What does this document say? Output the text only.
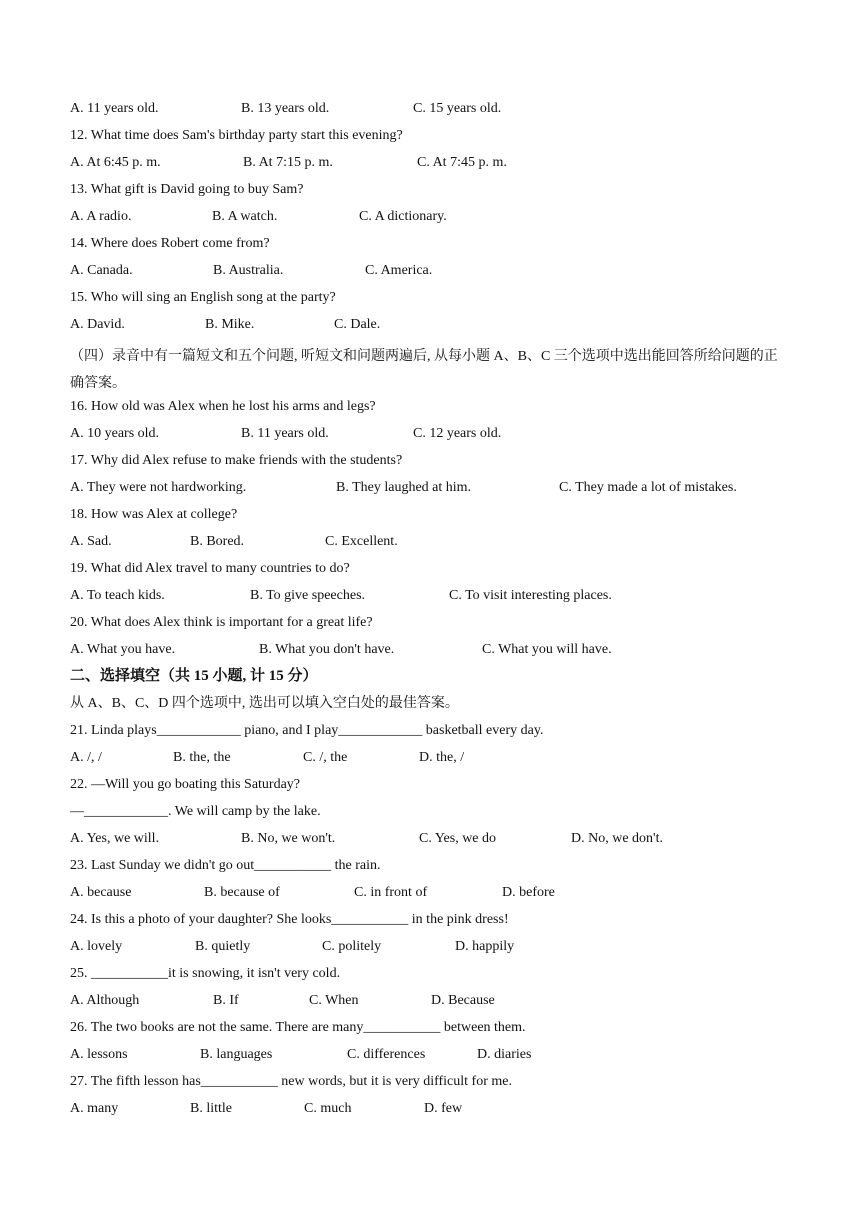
A. 11 years old.	B. 13 years old.	C. 15 years old.
12. What time does Sam's birthday party start this evening?
A. At 6:45 p. m.	B. At 7:15 p. m.	C. At 7:45 p. m.
13. What gift is David going to buy Sam?
A. A radio.	B. A watch.	C. A dictionary.
14. Where does Robert come from?
A. Canada.	B. Australia.	C. America.
15. Who will sing an English song at the party?
A. David.	B. Mike.	C. Dale.
（四）录音中有一篇短文和五个问题, 听短文和问题两遍后, 从每小题 A、B、C 三个选项中选出能回答所给问题的正确答案。
16. How old was Alex when he lost his arms and legs?
A. 10 years old.	B. 11 years old.	C. 12 years old.
17. Why did Alex refuse to make friends with the students?
A. They were not hardworking.	B. They laughed at him.	C. They made a lot of mistakes.
18. How was Alex at college?
A. Sad.	B. Bored.	C. Excellent.
19. What did Alex travel to many countries to do?
A. To teach kids.	B. To give speeches.	C. To visit interesting places.
20. What does Alex think is important for a great life?
A. What you have.	B. What you don't have.	C. What you will have.
二、选择填空（共 15 小题, 计 15 分）
从 A、B、C、D 四个选项中, 选出可以填入空白处的最佳答案。
21. Linda plays____________ piano, and I play____________ basketball every day.
A. /, /	B. the, the	C. /, the	D. the, /
22. —Will you go boating this Saturday?
—____________. We will camp by the lake.
A. Yes, we will.	B. No, we won't.	C. Yes, we do	D. No, we don't.
23. Last Sunday we didn't go out___________ the rain.
A. because	B. because of	C. in front of	D. before
24. Is this a photo of your daughter? She looks___________ in the pink dress!
A. lovely	B. quietly	C. politely	D. happily
25. ___________it is snowing, it isn't very cold.
A. Although	B. If	C. When	D. Because
26. The two books are not the same. There are many___________ between them.
A. lessons	B. languages	C. differences	D. diaries
27. The fifth lesson has___________ new words, but it is very difficult for me.
A. many	B. little	C. much	D. few
